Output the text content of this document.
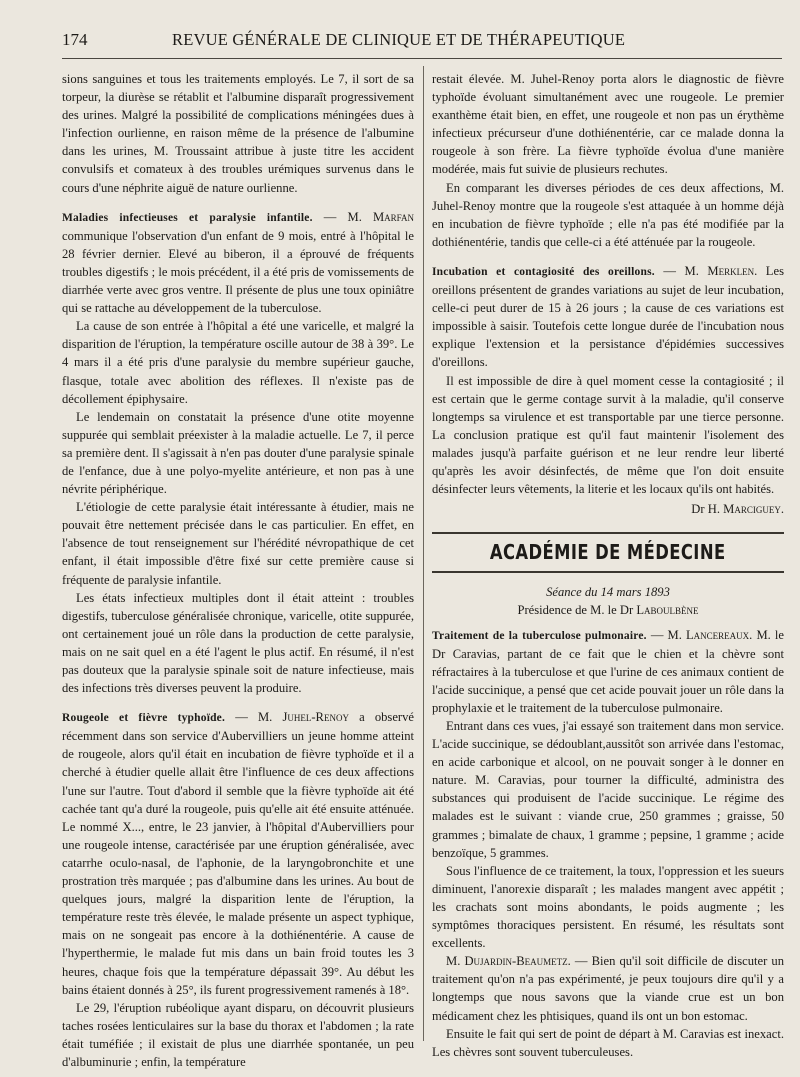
174	REVUE GÉNÉRALE DE CLINIQUE ET DE THÉRAPEUTIQUE

sions sanguines et tous les traitements employés. Le 7, il sort de sa torpeur, la diurèse se rétablit et l'albumine disparaît progressivement des urines. Malgré la possibilité de complications méningées dues à l'infection ourlienne, en raison même de la présence de l'albumine dans les urines, M. Troussaint attribue à juste titre les accident convulsifs et comateux à des troubles urémiques survenus dans le cours d'une néphrite aiguë de nature ourlienne.

Maladies infectieuses et paralysie infantile. — M. Marfan communique l'observation d'un enfant de 9 mois, entré à l'hôpital le 28 février dernier. Elevé au biberon, il a éprouvé de fréquents troubles digestifs ; le mois précédent, il a été pris de vomissements de diarrhée verte avec gros ventre. Il présente de plus une toux opiniâtre qui se rattache au développement de la tuberculose.

La cause de son entrée à l'hôpital a été une varicelle, et malgré la disparition de l'éruption, la température oscille autour de 38 à 39°. Le 4 mars il a été pris d'une paralysie du membre supérieur gauche, flasque, totale avec abolition des réflexes. Il n'existe pas de décollement épiphysaire.

Le lendemain on constatait la présence d'une otite moyenne suppurée qui semblait préexister à la maladie actuelle. Le 7, il perce sa première dent. Il s'agissait à n'en pas douter d'une paralysie spinale de l'enfance, due à une polyo-myelite antérieure, et non pas à une névrite périphérique.

L'étiologie de cette paralysie était intéressante à étudier, mais ne pouvait être nettement précisée dans le cas particulier. En effet, en l'absence de tout renseignement sur l'hérédité névropathique de cet enfant, il était impossible d'être fixé sur cette première cause si fréquente de paralysie infantile.

Les états infectieux multiples dont il était atteint : troubles digestifs, tuberculose généralisée chronique, varicelle, otite suppurée, ont certainement joué un rôle dans la production de cette paralysie, mais on ne sait quel en a été l'agent le plus actif. En résumé, il n'est pas douteux que la paralysie spinale soit de nature infectieuse, mais des infections très diverses peuvent la produire.

Rougeole et fièvre typhoïde. — M. Juhel-Renoy a observé récemment dans son service d'Aubervilliers un jeune homme atteint de rougeole, alors qu'il était en incubation de fièvre typhoïde et il a cherché à étudier quelle allait être l'influence de ces deux affections l'une sur l'autre. Tout d'abord il semble que la fièvre typhoïde ait été cachée tant qu'a duré la rougeole, puis qu'elle ait été ensuite atténuée. Le nommé X..., entre, le 23 janvier, à l'hôpital d'Aubervilliers pour une rougeole intense, caractérisée par une éruption généralisée, avec catarrhe oculo-nasal, de l'aphonie, de la laryngobronchite et une prostration très marquée ; pas d'albumine dans les urines. Au bout de quelques jours, malgré la disparition lente de l'éruption, la température reste très élevée, le malade présente un aspect typhique, mais on ne songeait pas encore à la dothiénentérie. A cause de l'hyperthermie, le malade fut mis dans un bain froid toutes les 3 heures, chaque fois que la température dépassait 39°. Au début les bains étaient donnés à 25°, ils furent progressivement ramenés à 18°.

Le 29, l'éruption rubéolique ayant disparu, on découvrit plusieurs taches rosées lenticulaires sur la base du thorax et l'abdomen ; la rate était tuméfiée ; il existait de plus une diarrhée spontanée, un peu d'albuminurie ; enfin, la température

restait élevée. M. Juhel-Renoy porta alors le diagnostic de fièvre typhoïde évoluant simultanément avec une rougeole. Le premier exanthème était bien, en effet, une rougeole et non pas un érythème infectieux précurseur d'une dothiénentérie, car ce malade donna la rougeole à son frère. La fièvre typhoïde évolua d'une manière modérée, mais fut suivie de plusieurs rechutes.

En comparant les diverses périodes de ces deux affections, M. Juhel-Renoy montre que la rougeole s'est attaquée à un homme déjà en incubation de fièvre typhoïde ; elle n'a pas été modifiée par la dothiénentérie, tandis que celle-ci a été atténuée par la rougeole.

Incubation et contagiosité des oreillons. — M. Merklen. Les oreillons présentent de grandes variations au sujet de leur incubation, celle-ci peut durer de 15 à 26 jours ; la cause de ces variations est impossible à saisir. Toutefois cette longue durée de l'incubation nous explique l'extension et la persistance d'épidémies successives d'oreillons.

Il est impossible de dire à quel moment cesse la contagiosité ; il est certain que le germe contage survit à la maladie, qu'il conserve longtemps sa virulence et est transportable par une tierce personne. La conclusion pratique est qu'il faut maintenir l'isolement des malades jusqu'à parfaite guérison et ne leur rendre leur liberté qu'après les avoir désinfectés, de même que l'on doit ensuite désinfecter leurs vêtements, la literie et les locaux qu'ils ont habités.

Dr H. Marciguey.

ACADÉMIE DE MÉDECINE

Séance du 14 mars 1893

Présidence de M. le Dr Laboulbène

Traitement de la tuberculose pulmonaire. — M. Lancereaux. M. le Dr Caravias, partant de ce fait que le chien et la chèvre sont réfractaires à la tuberculose et que l'urine de ces animaux contient de l'acide succinique, a pensé que cet acide pouvait jouer un rôle dans la prophylaxie et le traitement de la tuberculose pulmonaire.

Entrant dans ces vues, j'ai essayé son traitement dans mon service. L'acide succinique, se dédoublant,aussitôt son arrivée dans l'estomac, en acide carbonique et alcool, on ne pouvait songer à le donner en nature. M. Caravias, pour tourner la difficulté, administra des substances qui produisent de l'acide succinique. Le régime des malades est le suivant : viande crue, 250 grammes ; graisse, 50 grammes ; bimalate de chaux, 1 gramme ; pepsine, 1 gramme ; acide benzoïque, 5 grammes.

Sous l'influence de ce traitement, la toux, l'oppression et les sueurs diminuent, l'anorexie disparaît ; les malades mangent avec appétit ; les crachats sont moins abondants, le poids augmente ; les symptômes thoraciques persistent. En résumé, les résultats sont excellents.

M. Dujardin-Beaumetz. — Bien qu'il soit difficile de discuter un traitement qu'on n'a pas expérimenté, je peux toujours dire qu'il y a longtemps que nous savons que la viande crue est un bon médicament chez les phtisiques, quand ils ont un bon estomac.

Ensuite le fait qui sert de point de départ à M. Caravias est inexact. Les chèvres sont souvent tuberculeuses.
